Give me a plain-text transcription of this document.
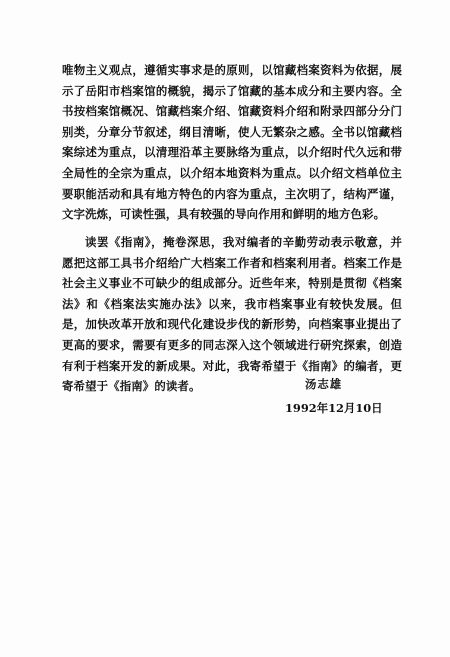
唯物主义观点，遵循实事求是的原则，以馆藏档案资料为依据，展示了岳阳市档案馆的概貌，揭示了馆藏的基本成分和主要内容。全书按档案馆概况、馆藏档案介绍、馆藏资料介绍和附录四部分分门别类，分章分节叙述，纲目清晰，使人无繁杂之感。全书以馆藏档案综述为重点，以清理沿革主要脉络为重点，以介绍时代久远和带全局性的全宗为重点，以介绍本地资料为重点。以介绍文档单位主要职能活动和具有地方特色的内容为重点，主次明了，结构严谨，文字洗炼，可读性强，具有较强的导向作用和鲜明的地方色彩。

读罢《指南》，掩卷深思，我对编者的辛勤劳动表示敬意，并愿把这部工具书介绍给广大档案工作者和档案利用者。档案工作是社会主义事业不可缺少的组成部分。近些年来，特别是贯彻《档案法》和《档案法实施办法》以来，我市档案事业有较快发展。但是，加快改革开放和现代化建设步伐的新形势，向档案事业提出了更高的要求，需要有更多的同志深入这个领域进行研究探索，创造有利于档案开发的新成果。对此，我寄希望于《指南》的编者，更寄希望于《指南》的读者。	汤志雄
1992年12月10日
